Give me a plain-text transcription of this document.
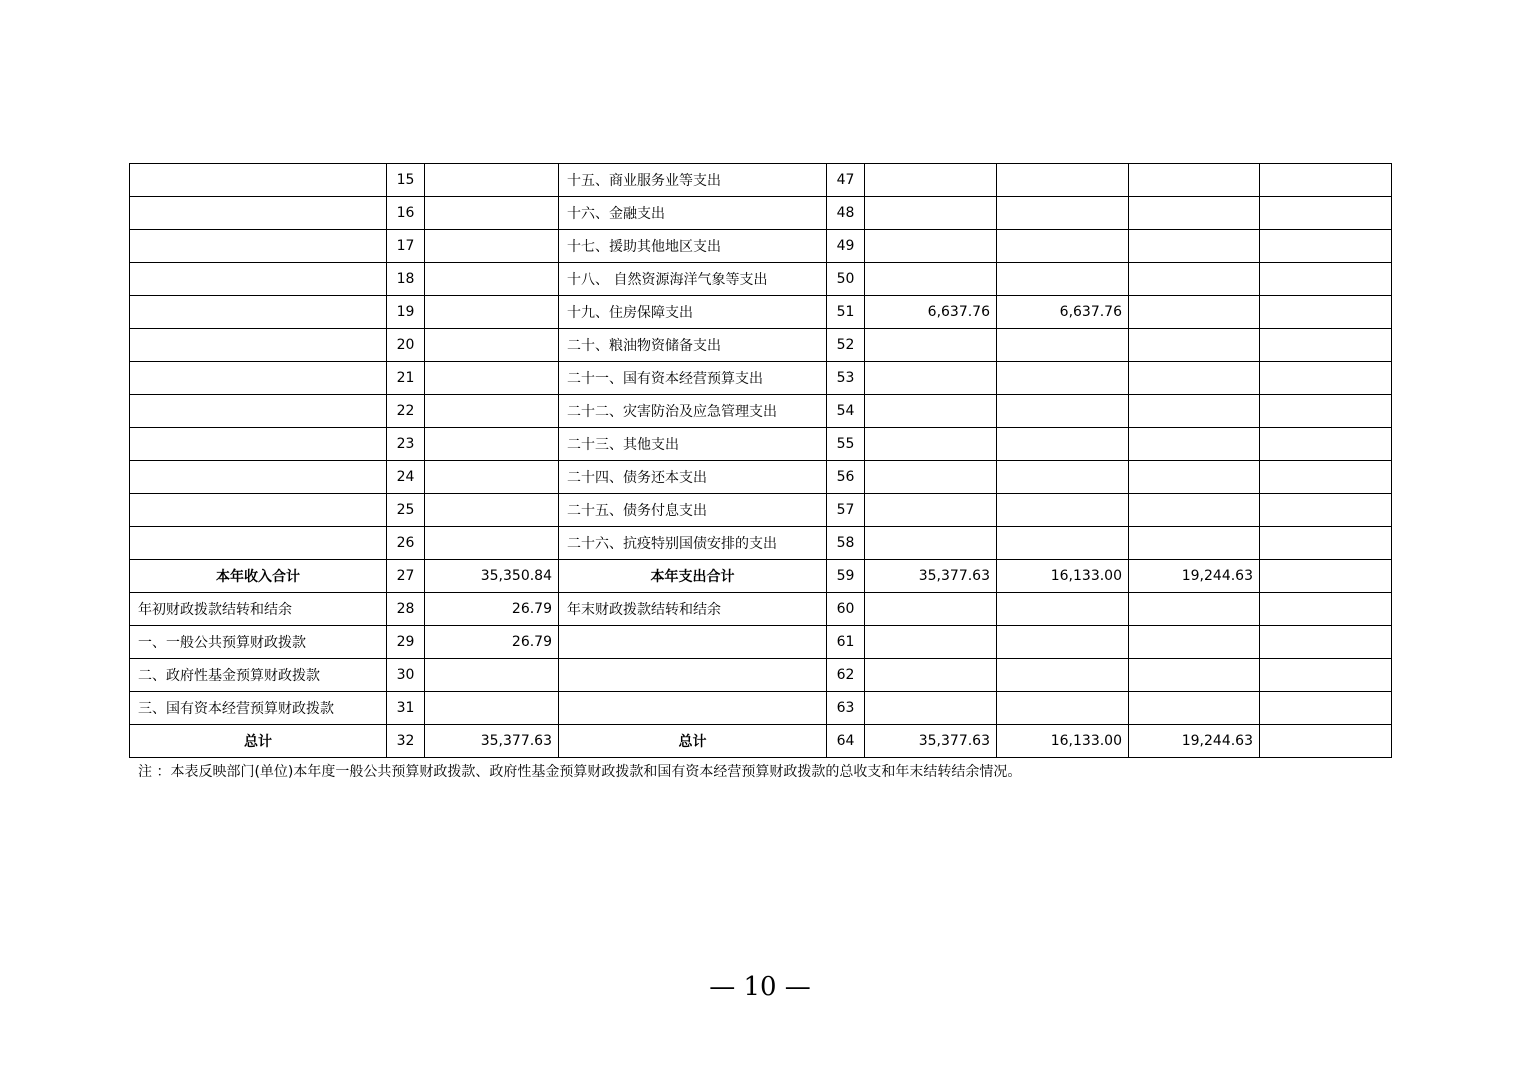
	15		十五、商业服务业等支出	47				
	16		十六、金融支出	48				
	17		十七、援助其他地区支出	49				
	18		十八、 自然资源海洋气象等支出	50				
	19		十九、住房保障支出	51	6,637.76	6,637.76		
	20		二十、粮油物资储备支出	52				
	21		二十一、国有资本经营预算支出	53				
	22		二十二、灾害防治及应急管理支出	54				
	23		二十三、其他支出	55				
	24		二十四、债务还本支出	56				
	25		二十五、债务付息支出	57				
	26		二十六、抗疫特别国债安排的支出	58				
本年收入合计	27	35,350.84	本年支出合计	59	35,377.63	16,133.00	19,244.63	
年初财政拨款结转和结余	28	26.79	年末财政拨款结转和结余	60				
一、一般公共预算财政拨款	29	26.79		61				
二、政府性基金预算财政拨款	30			62				
三、国有资本经营预算财政拨款	31			63				
总计	32	35,377.63	总计	64	35,377.63	16,133.00	19,244.63	
注 ：本表反映部门(单位)本年度一般公共预算财政拨款、政府性基金预算财政拨款和国有资本经营预算财政拨款的总收支和年末结转结余情况。
— 10 —
